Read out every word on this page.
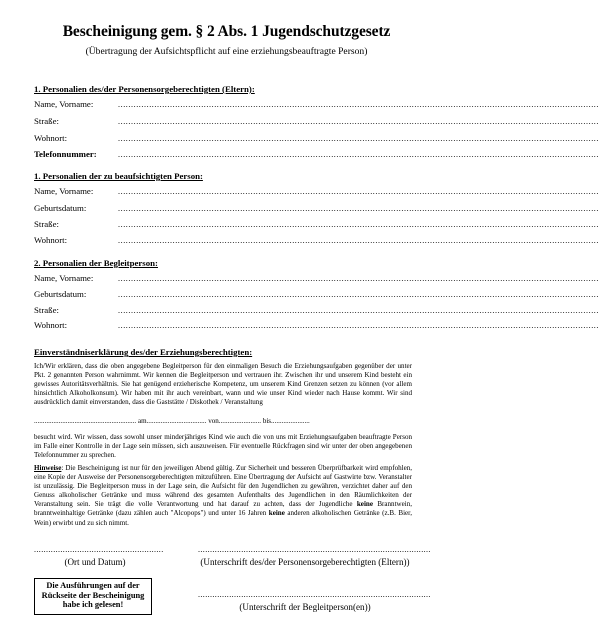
Bescheinigung gem. § 2 Abs. 1 Jugendschutzgesetz
(Übertragung der Aufsichtspflicht auf eine erziehungsbeauftragte Person)
1. Personalien des/der Personensorgeberechtigten (Eltern):
Name, Vorname:	.........................................................................................................................................................................................
Straße:	.........................................................................................................................................................................................
Wohnort:	.........................................................................................................................................................................................
Telefonnummer:	.........................................................................................................................................................................................
1. Personalien der zu beaufsichtigten Person:
Name, Vorname:	.........................................................................................................................................................................................
Geburtsdatum:	.........................................................................................................................................................................................
Straße:	.........................................................................................................................................................................................
Wohnort:	.........................................................................................................................................................................................
2. Personalien der Begleitperson:
Name, Vorname:	.........................................................................................................................................................................................
Geburtsdatum:	.........................................................................................................................................................................................
Straße:	.........................................................................................................................................................................................
Wohnort:	.........................................................................................................................................................................................
Einverständniserklärung des/der Erziehungsberechtigten:
Ich/Wir erklären, dass die oben angegebene Begleitperson für den einmaligen Besuch die Erziehungsaufgaben gegenüber der unter Pkt. 2 genannten Person wahrnimmt. Wir kennen die Begleitperson und vertrauen ihr. Zwischen ihr und unserem Kind besteht ein gewisses Autoritätsverhältnis. Sie hat genügend erzieherische Kompetenz, um unserem Kind Grenzen setzen zu können (vor allem hinsichtlich Alkoholkonsum). Wir haben mit ihr auch vereinbart, wann und wie unser Kind wieder nach Hause kommt. Wir sind ausdrücklich damit einverstanden, dass die Gaststätte / Diskothek / Veranstaltung
.......................................................... am.................................. von........................ bis......................
besucht wird. Wir wissen, dass sowohl unser minderjähriges Kind wie auch die von uns mit Erziehungsaufgaben beauftragte Person im Falle einer Kontrolle in der Lage sein müssen, sich auszuweisen. Für eventuelle Rückfragen sind wir unter der oben angegebenen Telefonnummer zu sprechen.
Hinweise: Die Bescheinigung ist nur für den jeweiligen Abend gültig. Zur Sicherheit und besseren Überprüfbarkeit wird empfohlen, eine Kopie der Ausweise der Personensorgeberechtigten mitzuführen. Eine Übertragung der Aufsicht auf Gastwirte bzw. Veranstalter ist unzulässig. Die Begleitperson muss in der Lage sein, die Aufsicht für den Jugendlichen zu gewähren, verzichtet daher auf den Genuss alkoholischer Getränke und muss während des gesamten Aufenthalts des Jugendlichen in den Räumlichkeiten der Veranstaltung sein. Sie trägt die volle Verantwortung und hat darauf zu achten, dass der Jugendliche keine Branntwein, branntweinhaltige Getränke (dazu zählen auch "Alcopops") und unter 16 Jahren keine anderen alkoholischen Getränke (z.B. Bier, Wein) erwirbt und zu sich nimmt.
......................................................
(Ort und Datum)
.................................................................................................
(Unterschrift des/der Personensorgeberechtigten (Eltern))
.................................................................................................
(Unterschrift der Begleitperson(en))
Die Ausführungen auf der
Rückseite der Bescheinigung
habe ich gelesen!
